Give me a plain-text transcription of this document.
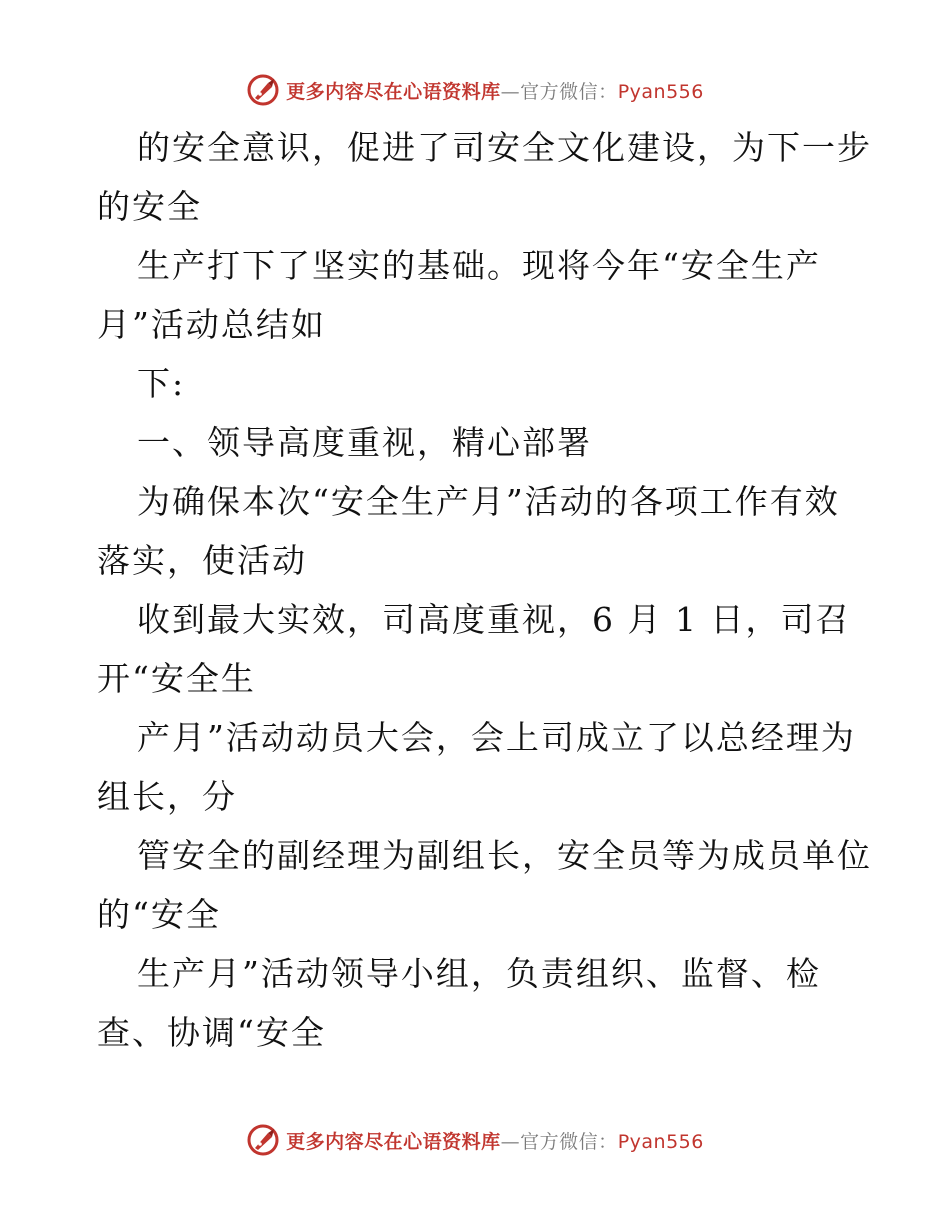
更多内容尽在心语资料库—官方微信：Pyan556
的安全意识，促进了司安全文化建设，为下一步
的安全
生产打下了坚实的基础。现将今年“安全生产
月”活动总结如
下:
一、领导高度重视，精心部署
为确保本次“安全生产月”活动的各项工作有效
落实，使活动
收到最大实效，司高度重视，6 月 1 日，司召
开“安全生
产月”活动动员大会，会上司成立了以总经理为
组长，分
管安全的副经理为副组长，安全员等为成员单位
的“安全
生产月”活动领导小组，负责组织、监督、检
查、协调“安全
更多内容尽在心语资料库—官方微信：Pyan556
